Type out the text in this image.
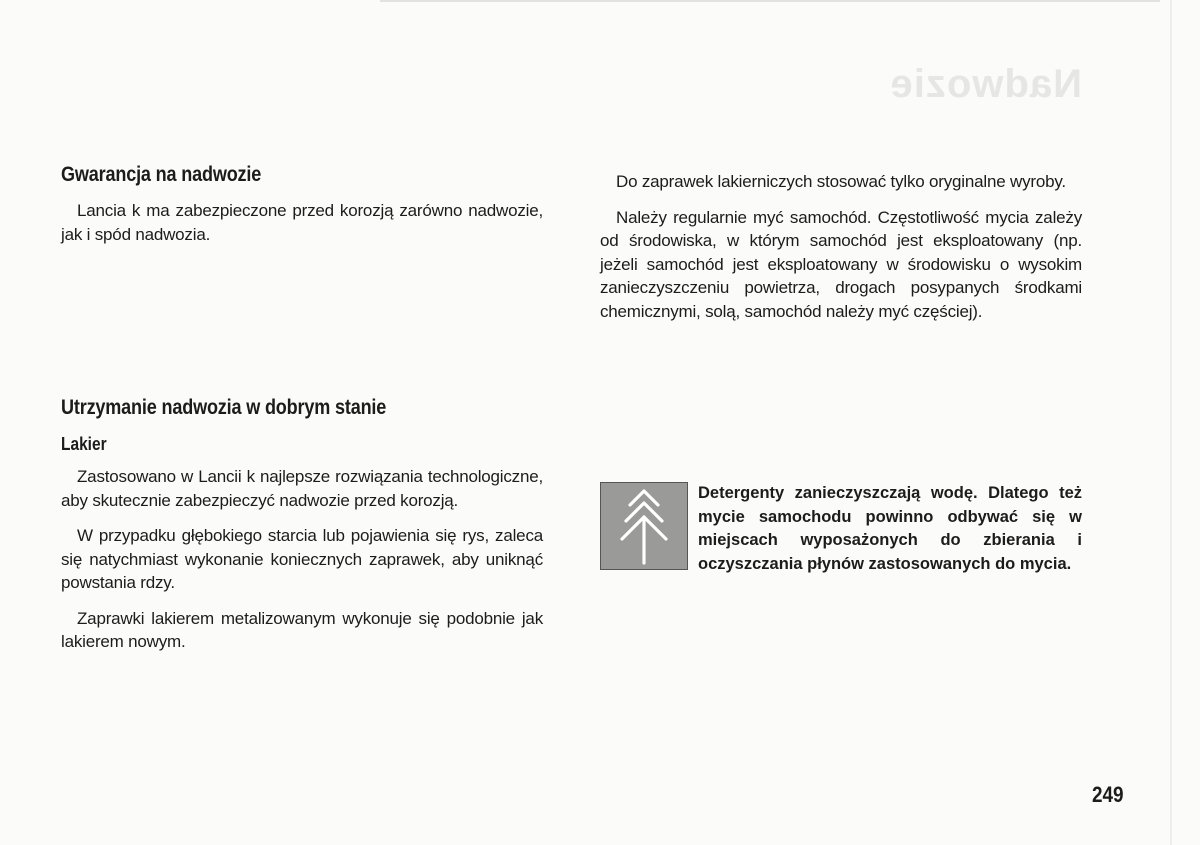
Nadwozie
Gwarancja na nadwozie

Lancia k ma zabezpieczone przed korozją zarówno nadwozie, jak i spód nadwozia.

Utrzymanie nadwozia w dobrym stanie
Lakier

Zastosowano w Lancii k najlepsze rozwiązania technologiczne, aby skutecznie zabezpieczyć nadwozie przed korozją.

W przypadku głębokiego starcia lub pojawienia się rys, zaleca się natychmiast wykonanie koniecznych zaprawek, aby uniknąć powstania rdzy.

Zaprawki lakierem metalizowanym wykonuje się podobnie jak lakierem nowym.

Do zaprawek lakierniczych stosować tylko oryginalne wyroby.

Należy regularnie myć samochód. Częstotliwość mycia zależy od środowiska, w którym samochód jest eksploatowany (np. jeżeli samochód jest eksploatowany w środowisku o wysokim zanieczyszczeniu powietrza, drogach posypanych środkami chemicznymi, solą, samochód należy myć częściej).

Detergenty zanieczyszczają wodę. Dlatego też mycie samochodu powinno odbywać się w miejscach wyposażonych do zbierania i oczyszczania płynów zastosowanych do mycia.
249
